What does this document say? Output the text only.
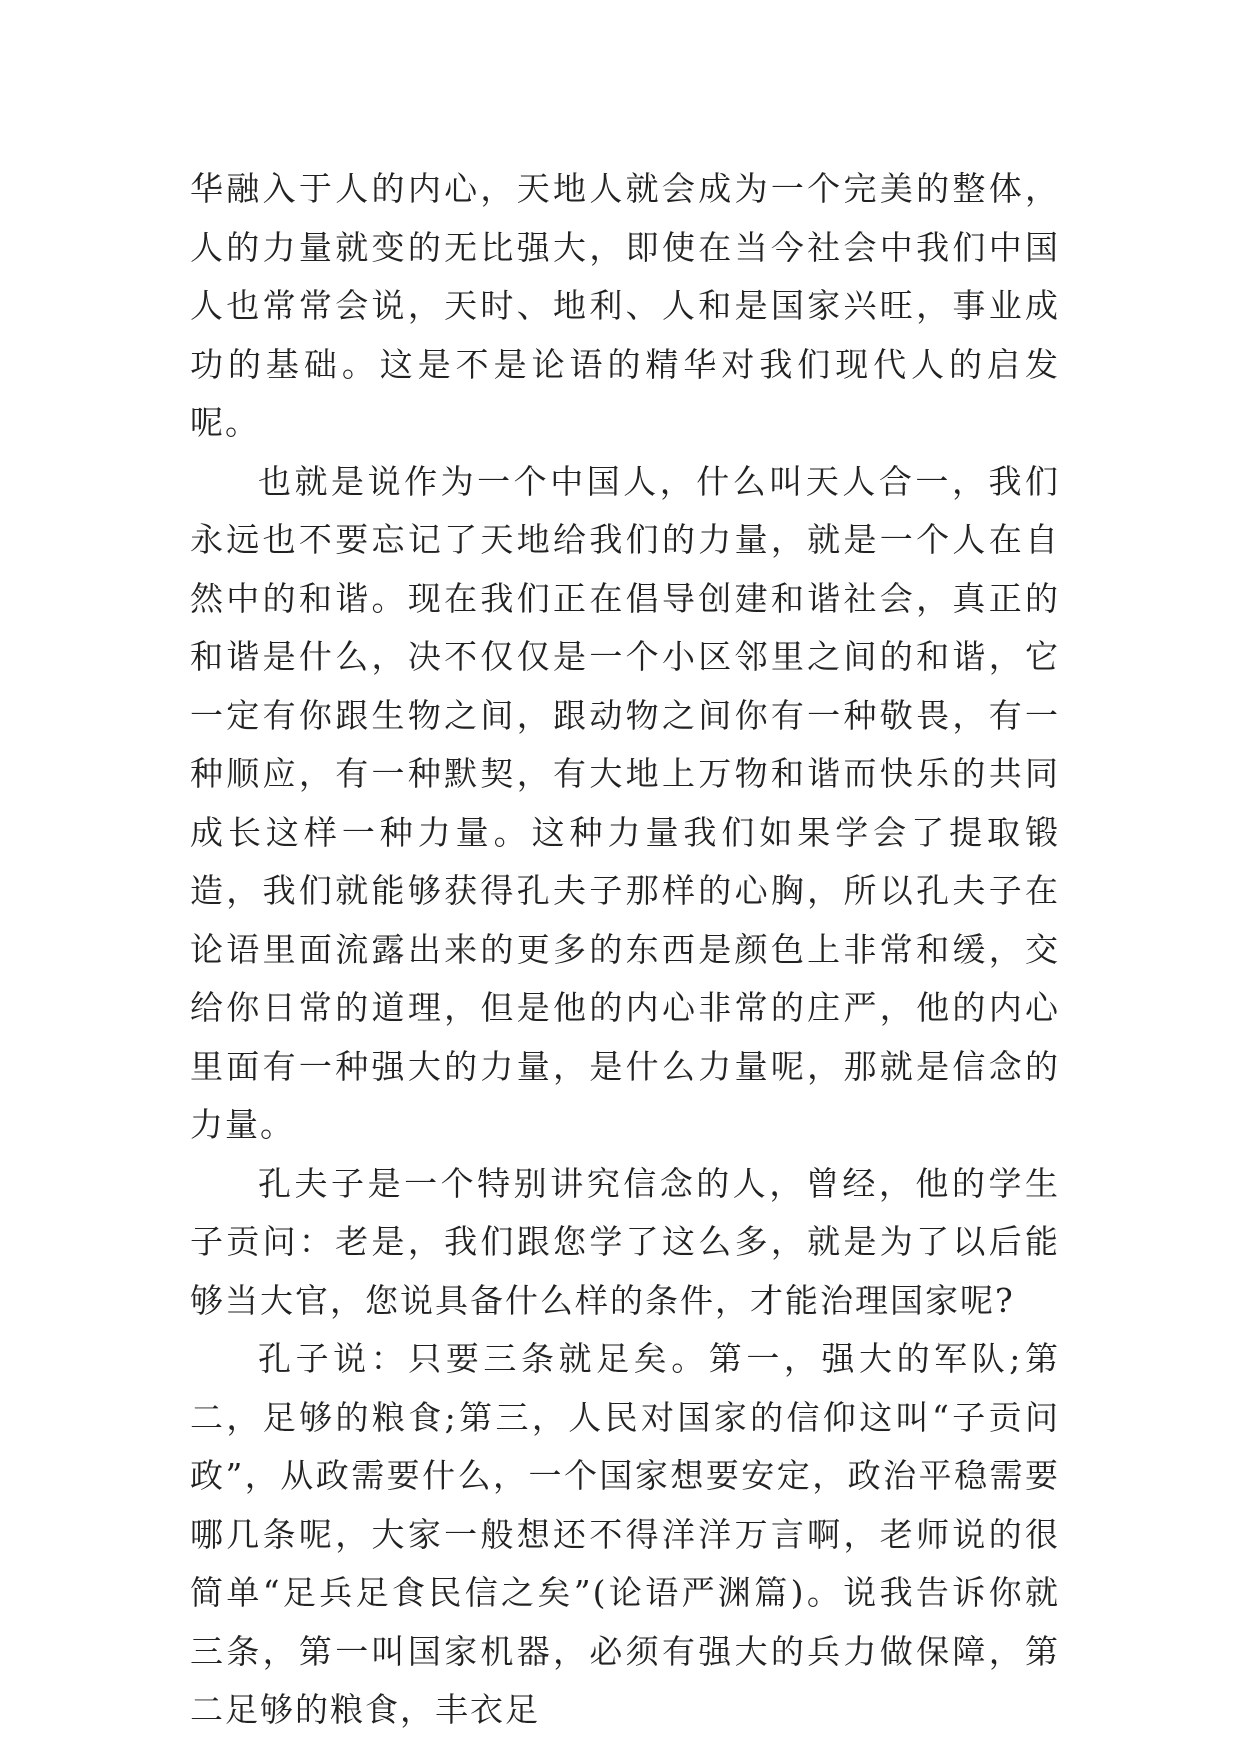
华融入于人的内心，天地人就会成为一个完美的整体，人的力量就变的无比强大，即使在当今社会中我们中国人也常常会说，天时、地利、人和是国家兴旺，事业成功的基础。这是不是论语的精华对我们现代人的启发呢。

也就是说作为一个中国人，什么叫天人合一，我们永远也不要忘记了天地给我们的力量，就是一个人在自然中的和谐。现在我们正在倡导创建和谐社会，真正的和谐是什么，决不仅仅是一个小区邻里之间的和谐，它一定有你跟生物之间，跟动物之间你有一种敬畏，有一种顺应，有一种默契，有大地上万物和谐而快乐的共同成长这样一种力量。这种力量我们如果学会了提取锻造，我们就能够获得孔夫子那样的心胸，所以孔夫子在论语里面流露出来的更多的东西是颜色上非常和缓，交给你日常的道理，但是他的内心非常的庄严，他的内心里面有一种强大的力量，是什么力量呢，那就是信念的力量。

孔夫子是一个特别讲究信念的人，曾经，他的学生子贡问：老是，我们跟您学了这么多，就是为了以后能够当大官，您说具备什么样的条件，才能治理国家呢?

孔子说：只要三条就足矣。第一，强大的军队;第二，足够的粮食;第三，人民对国家的信仰这叫“子贡问政”，从政需要什么，一个国家想要安定，政治平稳需要哪几条呢，大家一般想还不得洋洋万言啊，老师说的很简单“足兵足食民信之矣”(论语严渊篇)。说我告诉你就三条，第一叫国家机器，必须有强大的兵力做保障，第二足够的粮食，丰衣足
